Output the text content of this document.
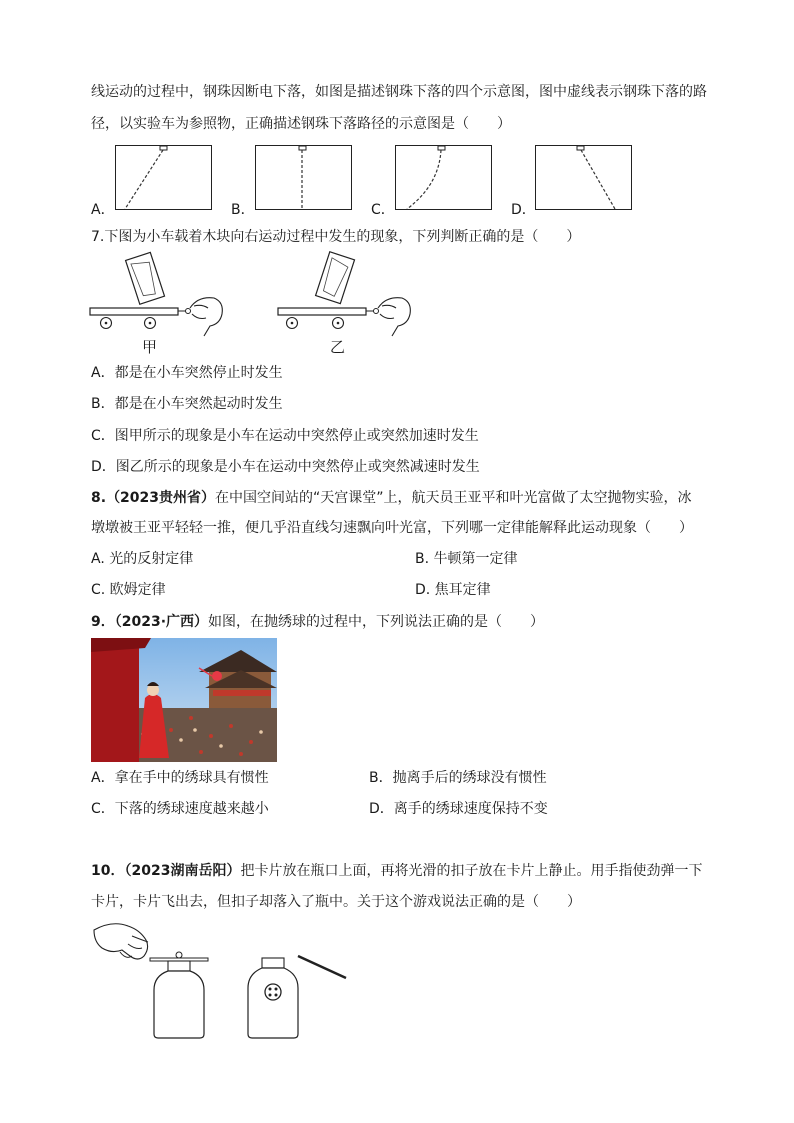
线运动的过程中，钢珠因断电下落，如图是描述钢珠下落的四个示意图，图中虚线表示钢珠下落的路
径，以实验车为参照物，正确描述钢珠下落路径的示意图是（　　）
A．	B．	C．	D．
7.下图为小车载着木块向右运动过程中发生的现象，下列判断正确的是（　　）
甲	乙
A．都是在小车突然停止时发生
B．都是在小车突然起动时发生
C．图甲所示的现象是小车在运动中突然停止或突然加速时发生
D．图乙所示的现象是小车在运动中突然停止或突然减速时发生
8.（2023贵州省）在中国空间站的“天宫课堂”上，航天员王亚平和叶光富做了太空抛物实验，冰
墩墩被王亚平轻轻一推，便几乎沿直线匀速飘向叶光富，下列哪一定律能解释此运动现象（　　）
A. 光的反射定律	B. 牛顿第一定律
C. 欧姆定律	D. 焦耳定律
9．（2023·广西）如图，在抛绣球的过程中，下列说法正确的是（　　）
A．拿在手中的绣球具有惯性	B．抛离手后的绣球没有惯性
C．下落的绣球速度越来越小	D．离手的绣球速度保持不变
10．（2023湖南岳阳）把卡片放在瓶口上面，再将光滑的扣子放在卡片上静止。用手指使劲弹一下
卡片，卡片飞出去，但扣子却落入了瓶中。关于这个游戏说法正确的是（　　）
